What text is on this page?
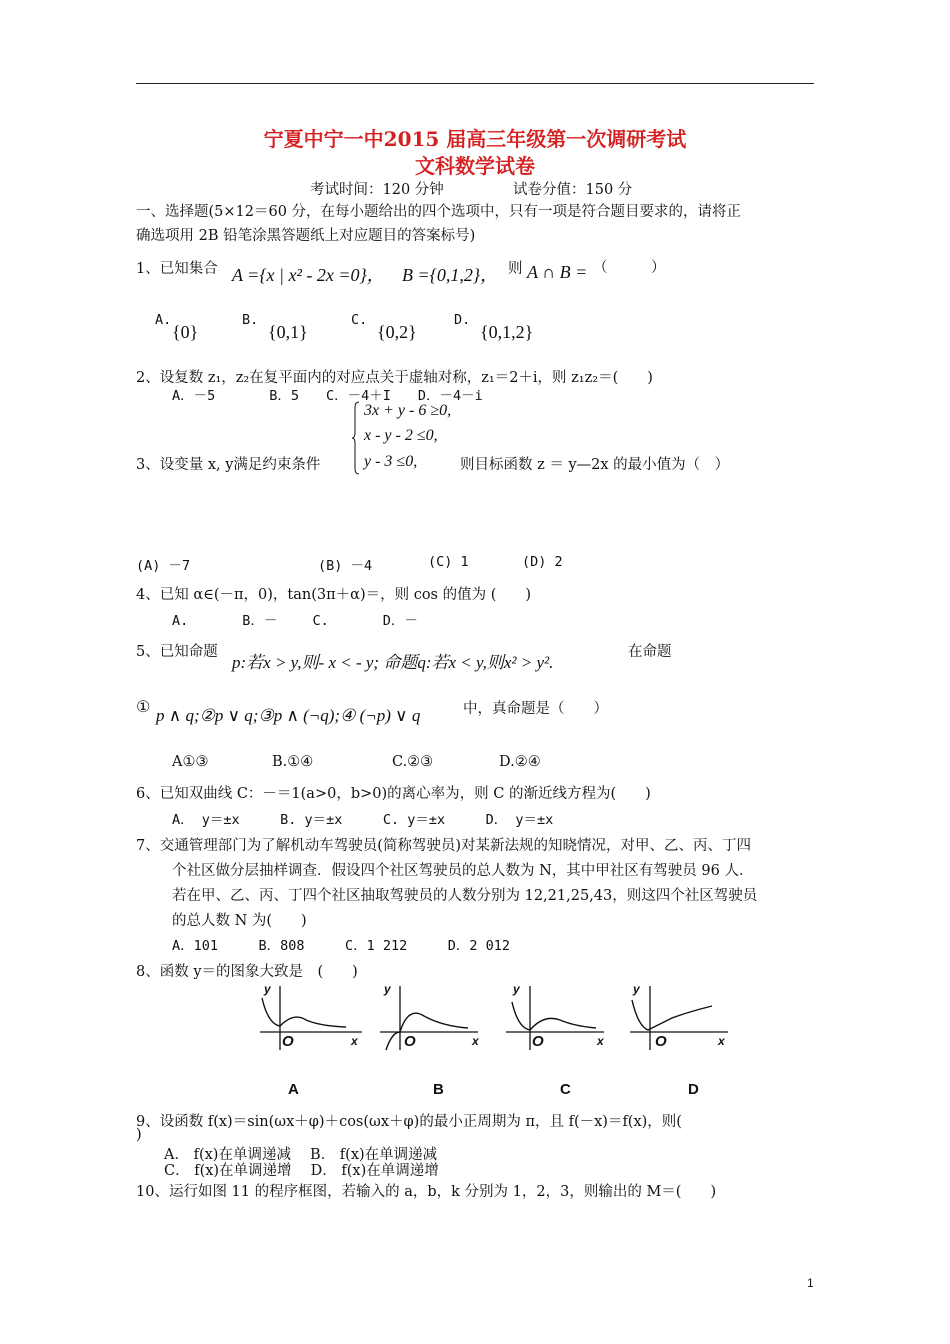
宁夏中宁一中2015 届高三年级第一次调研考试
文科数学试卷
考试时间：120 分钟	试卷分值：150 分
一、选择题(5×12＝60 分，在每小题给出的四个选项中，只有一项是符合题目要求的，请将正
确选项用 2B 铅笔涂黑答题纸上对应题目的答案标号)
1、已知集合 A ={x | x² - 2x =0}， B ={0,1,2}， 则 A ∩ B = （　　　）
A.
{0}
B.
{0,1}
C.
{0,2}
D.
{0,1,2}
2、设复数 z₁，z₂在复平面内的对应点关于虚轴对称，z₁＝2＋i，则 z₁z₂＝(　　)
A．－5　　　　B．5　　C．－4＋I　　D．－4－i
3x + y - 6 ≥0,
x - y - 2 ≤0,
y - 3 ≤0,
3、设变量 x, y满足约束条件	则目标函数 z ＝ y—2x 的最小值为（　）
(A) －7	(B) －4	(C) 1	(D) 2
4、已知 α∈(－π，0)，tan(3π＋α)＝，则 cos 的值为 (　　)
A.　　　　B．－　　 C.　　　　D．－
5、已知命题
p:若x > y,则- x < - y; 命题q:若x < y,则x² > y².
在命题
① p ∧ q;②p ∨ q;③p ∧ (¬q);④ (¬p) ∨ q	中，真命题是（　　）
A①③	B.①④	C.②③	D.②④
6、已知双曲线 C：－＝1(a>0，b>0)的离心率为，则 C 的渐近线方程为(　　)
A． y＝±x　　　B. y＝±x　　　C. y＝±x　　　D． y＝±x
7、交通管理部门为了解机动车驾驶员(简称驾驶员)对某新法规的知晓情况，对甲、乙、丙、丁四
个社区做分层抽样调查．假设四个社区驾驶员的总人数为 N，其中甲社区有驾驶员 96 人．
若在甲、乙、丙、丁四个社区抽取驾驶员的人数分别为 12,21,25,43，则这四个社区驾驶员
的总人数 N 为(　　)
A．101　　　B．808　　　C．1 212　　　D．2 012
8、函数 y＝的图象大致是　(　　)
y
O	x
A
y
O	x
B
y
O	x
C
y
O	x
D
9、设函数 f(x)＝sin(ωx＋φ)＋cos(ωx＋φ)的最小正周期为 π，且 f(－x)＝f(x)，则(
)
A． f(x)在单调递减　 B． f(x)在单调递减
C． f(x)在单调递增　 D． f(x)在单调递增
10、运行如图 11 的程序框图，若输入的 a，b，k 分别为 1，2，3，则输出的 M＝(　　)
1
